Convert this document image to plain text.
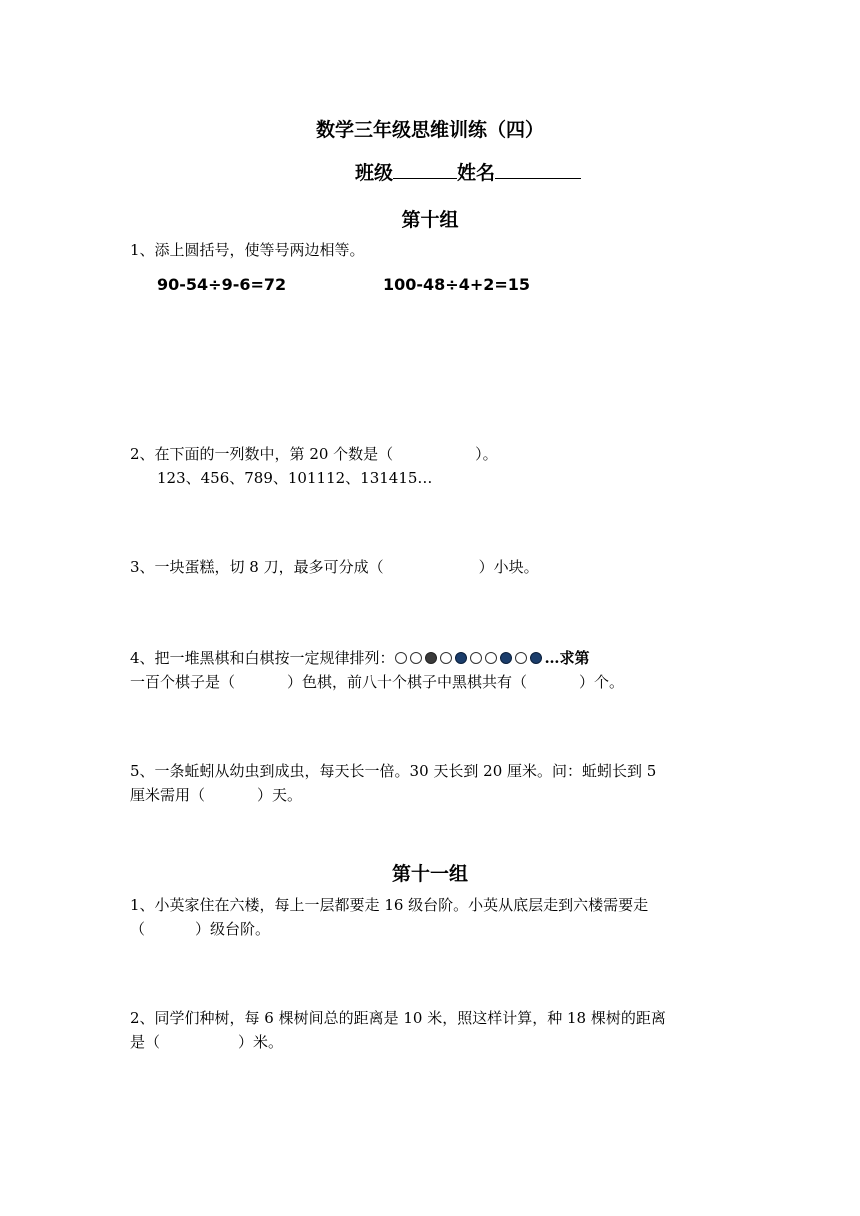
数学三年级思维训练（四）
班级	姓名
第十组
1、添上圆括号，使等号两边相等。
90-54÷9-6=72	100-48÷4+2=15
2、在下面的一列数中，第 20 个数是（	）。
123、456、789、101112、131415…
3、一块蛋糕，切 8 刀，最多可分成（	）小块。
4、把一堆黑棋和白棋按一定规律排列：	…求第
一百个棋子是（	）色棋，前八十个棋子中黑棋共有（	）个。
5、一条蚯蚓从幼虫到成虫，每天长一倍。30 天长到 20 厘米。问：蚯蚓长到 5
厘米需用（	）天。
第十一组
1、小英家住在六楼，每上一层都要走 16 级台阶。小英从底层走到六楼需要走
（	）级台阶。
2、同学们种树，每 6 棵树间总的距离是 10 米，照这样计算，种 18 棵树的距离
是（	）米。
